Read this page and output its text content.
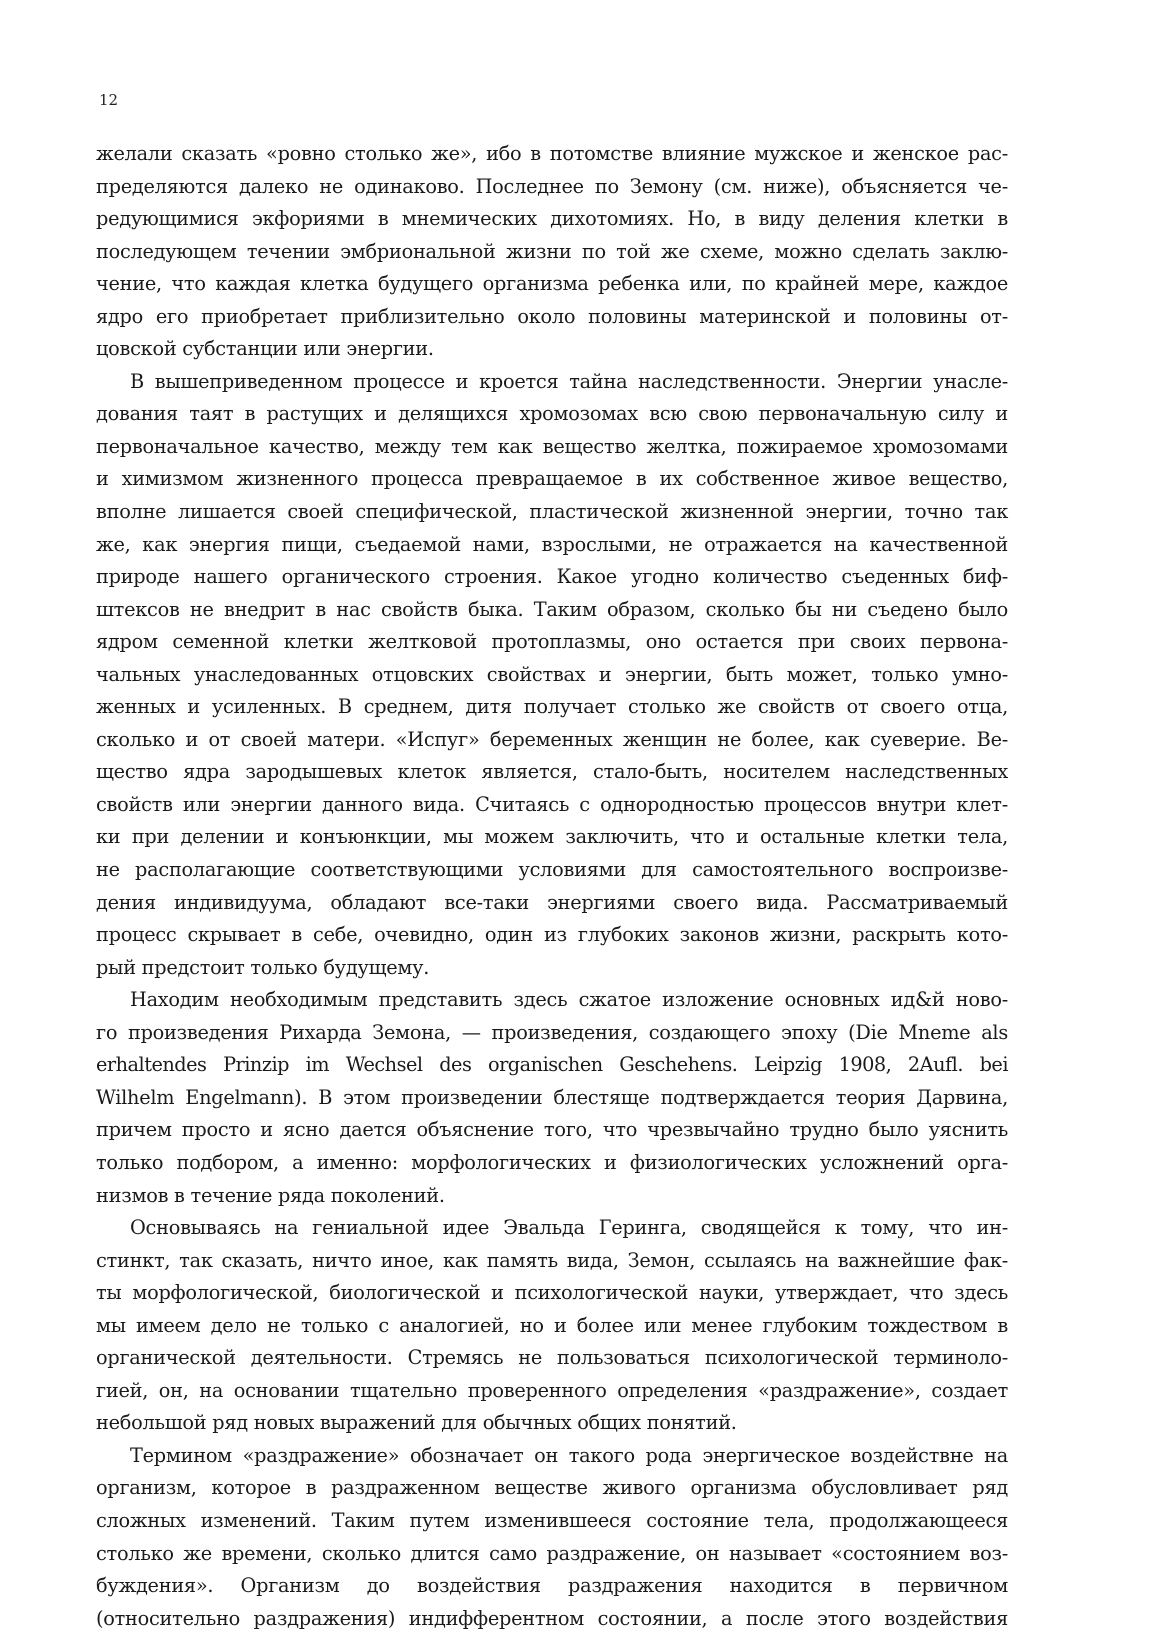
12
желали сказать «ровно столько же», ибо в потомстве влияние мужское и женское рас-
пределяются далеко не одинаково. Последнее по Земону (см. ниже), объясняется че-
редующимися экфориями в мнемических дихотомиях. Но, в виду деления клетки в
последующем течении эмбриональной жизни по той же схеме, можно сделать заклю-
чение, что каждая клетка будущего организма ребенка или, по крайней мере, каждое
ядро его приобретает приблизительно около половины материнской и половины от-
цовской субстанции или энергии.
В вышеприведенном процессе и кроется тайна наследственности. Энергии унасле-
дования таят в растущих и делящихся хромозомах всю свою первоначальную силу и
первоначальное качество, между тем как вещество желтка, пожираемое хромозомами
и химизмом жизненного процесса превращаемое в их собственное живое вещество,
вполне лишается своей специфической, пластической жизненной энергии, точно так
же, как энергия пищи, съедаемой нами, взрослыми, не отражается на качественной
природе нашего органического строения. Какое угодно количество съеденных биф-
штексов не внедрит в нас свойств быка. Таким образом, сколько бы ни съедено было
ядром семенной клетки желтковой протоплазмы, оно остается при своих первона-
чальных унаследованных отцовских свойствах и энергии, быть может, только умно-
женных и усиленных. В среднем, дитя получает столько же свойств от своего отца,
сколько и от своей матери. «Испуг» беременных женщин не более, как суеверие. Ве-
щество ядра зародышевых клеток является, стало-быть, носителем наследственных
свойств или энергии данного вида. Считаясь с однородностью процессов внутри клет-
ки при делении и конъюнкции, мы можем заключить, что и остальные клетки тела,
не располагающие соответствующими условиями для самостоятельного воспроизве-
дения индивидуума, обладают все-таки энергиями своего вида. Рассматриваемый
процесс скрывает в себе, очевидно, один из глубоких законов жизни, раскрыть кото-
рый предстоит только будущему.
Находим необходимым представить здесь сжатое изложение основных ид&й ново-
го произведения Рихарда Земона, — произведения, создающего эпоху (Die Mneme als
erhaltendes Prinzip im Wechsel des organischen Geschehens. Leipzig 1908, 2Aufl. bei
Wilhelm Engelmann). В этом произведении блестяще подтверждается теория Дарвина,
причем просто и ясно дается объяснение того, что чрезвычайно трудно было уяснить
только подбором, а именно: морфологических и физиологических усложнений орга-
низмов в течение ряда поколений.
Основываясь на гениальной идее Эвальда Геринга, сводящейся к тому, что ин-
стинкт, так сказать, ничто иное, как память вида, Земон, ссылаясь на важнейшие фак-
ты морфологической, биологической и психологической науки, утверждает, что здесь
мы имеем дело не только с аналогией, но и более или менее глубоким тождеством в
органической деятельности. Стремясь не пользоваться психологической терминоло-
гией, он, на основании тщательно проверенного определения «раздражение», создает
небольшой ряд новых выражений для обычных общих понятий.
Термином «раздражение» обозначает он такого рода энергическое воздействне на
организм, которое в раздраженном веществе живого организма обусловливает ряд
сложных изменений. Таким путем изменившееся состояние тела, продолжающееся
столько же времени, сколько длится само раздражение, он называет «состоянием воз-
буждения». Организм до воздействия раздражения находится в первичном
(относительно раздражения) индифферентном состоянии, а после этого воздействия
